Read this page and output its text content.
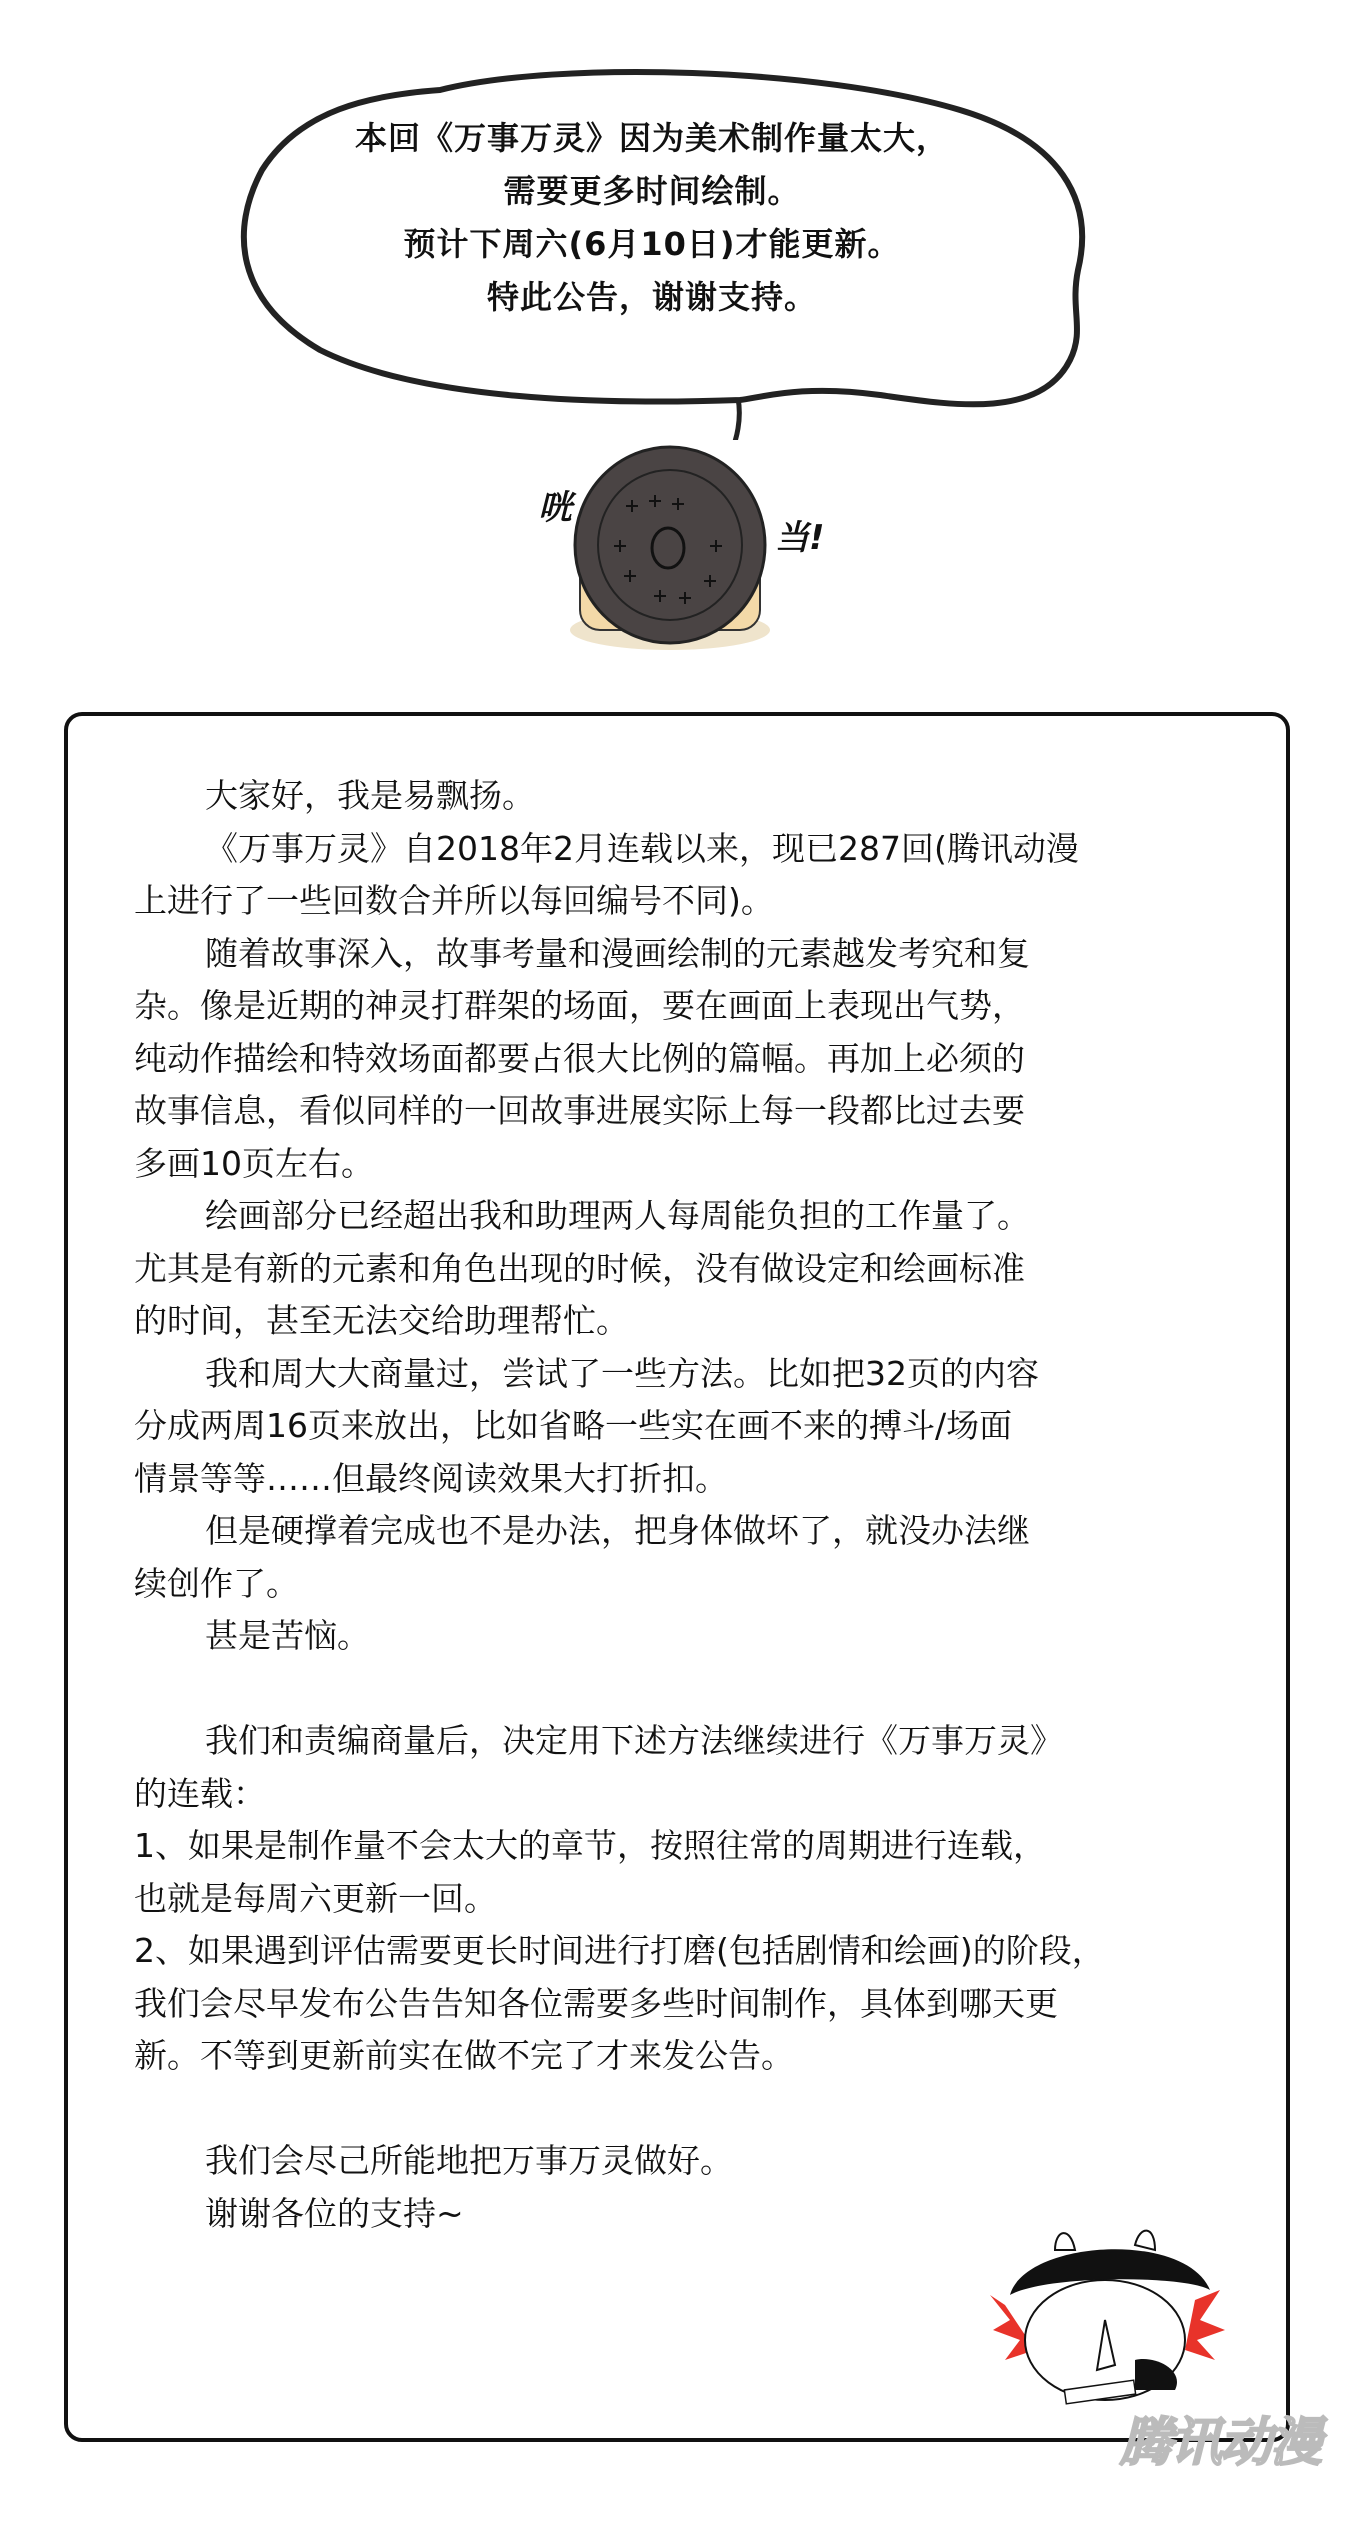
本回《万事万灵》因为美术制作量太大，
需要更多时间绘制。
预计下周六(6月10日)才能更新。
特此公告，谢谢支持。
咣
当!
大家好，我是易飘扬。
《万事万灵》自2018年2月连载以来，现已287回(腾讯动漫
上进行了一些回数合并所以每回编号不同)。
随着故事深入，故事考量和漫画绘制的元素越发考究和复
杂。像是近期的神灵打群架的场面，要在画面上表现出气势，
纯动作描绘和特效场面都要占很大比例的篇幅。再加上必须的
故事信息，看似同样的一回故事进展实际上每一段都比过去要
多画10页左右。
绘画部分已经超出我和助理两人每周能负担的工作量了。
尤其是有新的元素和角色出现的时候，没有做设定和绘画标准
的时间，甚至无法交给助理帮忙。
我和周大大商量过，尝试了一些方法。比如把32页的内容
分成两周16页来放出，比如省略一些实在画不来的搏斗/场面
情景等等……但最终阅读效果大打折扣。
但是硬撑着完成也不是办法，把身体做坏了，就没办法继
续创作了。
甚是苦恼。
我们和责编商量后，决定用下述方法继续进行《万事万灵》
的连载：
1、如果是制作量不会太大的章节，按照往常的周期进行连载，
也就是每周六更新一回。
2、如果遇到评估需要更长时间进行打磨(包括剧情和绘画)的阶段，
我们会尽早发布公告告知各位需要多些时间制作，具体到哪天更
新。不等到更新前实在做不完了才来发公告。
我们会尽己所能地把万事万灵做好。
谢谢各位的支持~
腾讯动漫
